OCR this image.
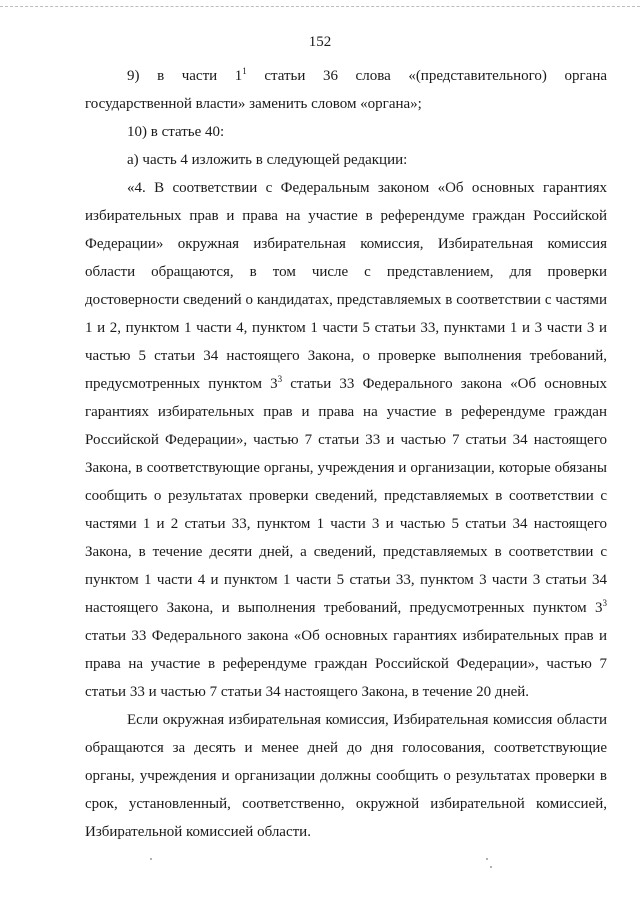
152

9) в части $1^1$ статьи 36 слова «(представительного) органа государственной власти» заменить словом «органа»;

10) в статье 40:

а) часть 4 изложить в следующей редакции:

«4. В соответствии с Федеральным законом «Об основных гарантиях избирательных прав и права на участие в референдуме граждан Российской Федерации» окружная избирательная комиссия, Избирательная комиссия области обращаются, в том числе с представлением, для проверки достоверности сведений о кандидатах, представляемых в соответствии с частями 1 и 2, пунктом 1 части 4, пунктом 1 части 5 статьи 33, пунктами 1 и 3 части 3 и частью 5 статьи 34 настоящего Закона, о проверке выполнения требований, предусмотренных пунктом $3^3$ статьи 33 Федерального закона «Об основных гарантиях избирательных прав и права на участие в референдуме граждан Российской Федерации», частью 7 статьи 33 и частью 7 статьи 34 настоящего Закона, в соответствующие органы, учреждения и организации, которые обязаны сообщить о результатах проверки сведений, представляемых в соответствии с частями 1 и 2 статьи 33, пунктом 1 части 3 и частью 5 статьи 34 настоящего Закона, в течение десяти дней, а сведений, представляемых в соответствии с пунктом 1 части 4 и пунктом 1 части 5 статьи 33, пунктом 3 части 3 статьи 34 настоящего Закона, и выполнения требований, предусмотренных пунктом $3^3$ статьи 33 Федерального закона «Об основных гарантиях избирательных прав и права на участие в референдуме граждан Российской Федерации», частью 7 статьи 33 и частью 7 статьи 34 настоящего Закона, в течение 20 дней.

Если окружная избирательная комиссия, Избирательная комиссия области обращаются за десять и менее дней до дня голосования, соответствующие органы, учреждения и организации должны сообщить о результатах проверки в срок, установленный, соответственно, окружной избирательной комиссией, Избирательной комиссией области.
